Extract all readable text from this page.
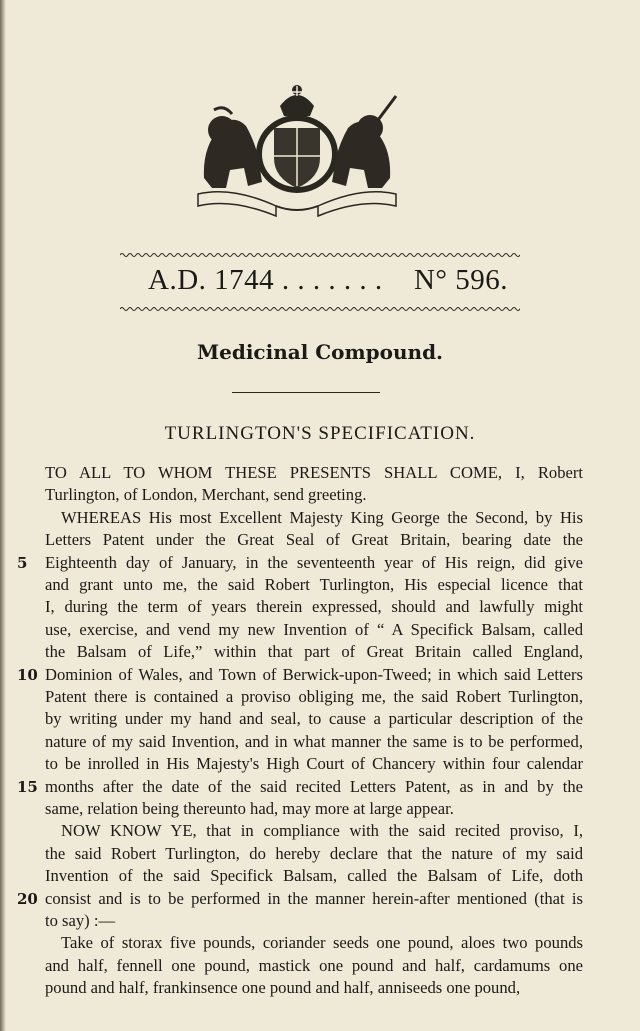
A.D. 1744 . . . . . . . N° 596.
Medicinal Compound.
TURLINGTON'S SPECIFICATION.
TO ALL TO WHOM THESE PRESENTS SHALL COME, I, Robert
Turlington, of London, Merchant, send greeting.
WHEREAS His most Excellent Majesty King George the Second, by His
Letters Patent under the Great Seal of Great Britain, bearing date the
Eighteenth day of January, in the seventeenth year of His reign, did give
5
and grant unto me, the said Robert Turlington, His especial licence that
I, during the term of years therein expressed, should and lawfully might
use, exercise, and vend my new Invention of “ A Specifick Balsam, called
the Balsam of Life,” within that part of Great Britain called England,
Dominion of Wales, and Town of Berwick-upon-Tweed; in which said Letters
10
Patent there is contained a proviso obliging me, the said Robert Turlington,
by writing under my hand and seal, to cause a particular description of the
nature of my said Invention, and in what manner the same is to be performed,
to be inrolled in His Majesty's High Court of Chancery within four calendar
months after the date of the said recited Letters Patent, as in and by the
15
same, relation being thereunto had, may more at large appear.
NOW KNOW YE, that in compliance with the said recited proviso, I,
the said Robert Turlington, do hereby declare that the nature of my said
Invention of the said Specifick Balsam, called the Balsam of Life, doth
consist and is to be performed in the manner herein-after mentioned (that is
20
to say) :—
Take of storax five pounds, coriander seeds one pound, aloes two pounds
and half, fennell one pound, mastick one pound and half, cardamums one
pound and half, frankinsence one pound and half, anniseeds one pound,
